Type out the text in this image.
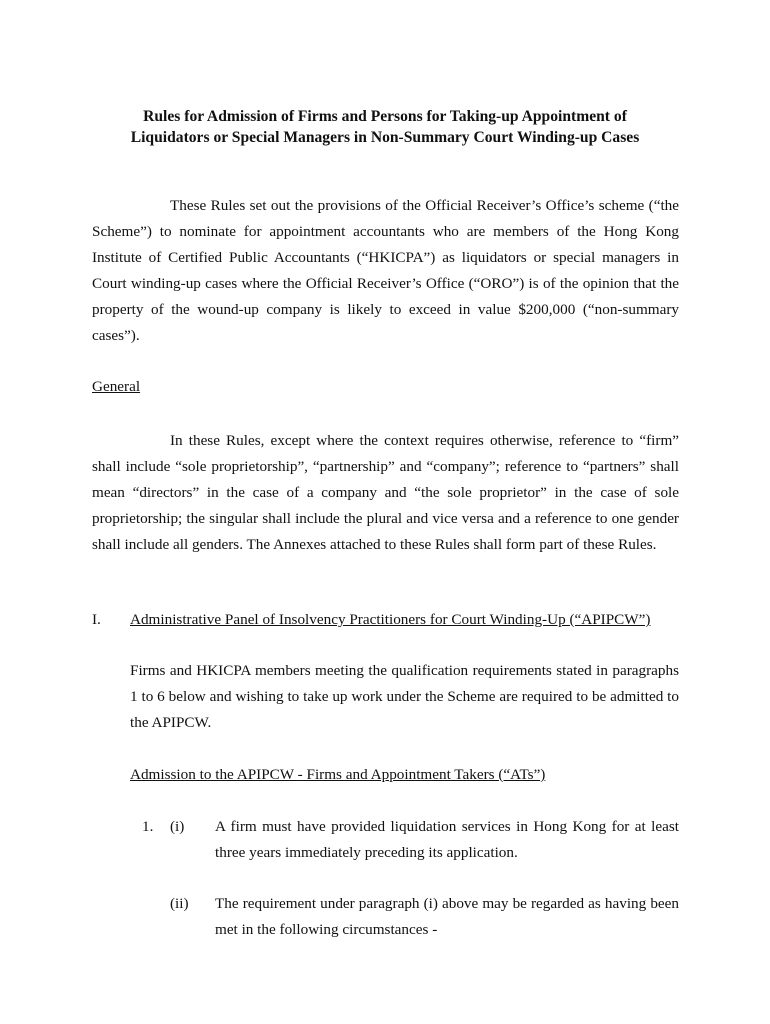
Rules for Admission of Firms and Persons for Taking-up Appointment of
Liquidators or Special Managers in Non-Summary Court Winding-up Cases
These Rules set out the provisions of the Official Receiver’s Office’s scheme (“the Scheme”) to nominate for appointment accountants who are members of the Hong Kong Institute of Certified Public Accountants (“HKICPA”) as liquidators or special managers in Court winding-up cases where the Official Receiver’s Office (“ORO”) is of the opinion that the property of the wound-up company is likely to exceed in value $200,000 (“non-summary cases”).
General
In these Rules, except where the context requires otherwise, reference to “firm” shall include “sole proprietorship”, “partnership” and “company”; reference to “partners” shall mean “directors” in the case of a company and “the sole proprietor” in the case of sole proprietorship; the singular shall include the plural and vice versa and a reference to one gender shall include all genders. The Annexes attached to these Rules shall form part of these Rules.
I. Administrative Panel of Insolvency Practitioners for Court Winding-Up (“APIPCW”)
Firms and HKICPA members meeting the qualification requirements stated in paragraphs 1 to 6 below and wishing to take up work under the Scheme are required to be admitted to the APIPCW.
Admission to the APIPCW - Firms and Appointment Takers (“ATs”)
1. (i) A firm must have provided liquidation services in Hong Kong for at least three years immediately preceding its application.
(ii) The requirement under paragraph (i) above may be regarded as having been met in the following circumstances -
